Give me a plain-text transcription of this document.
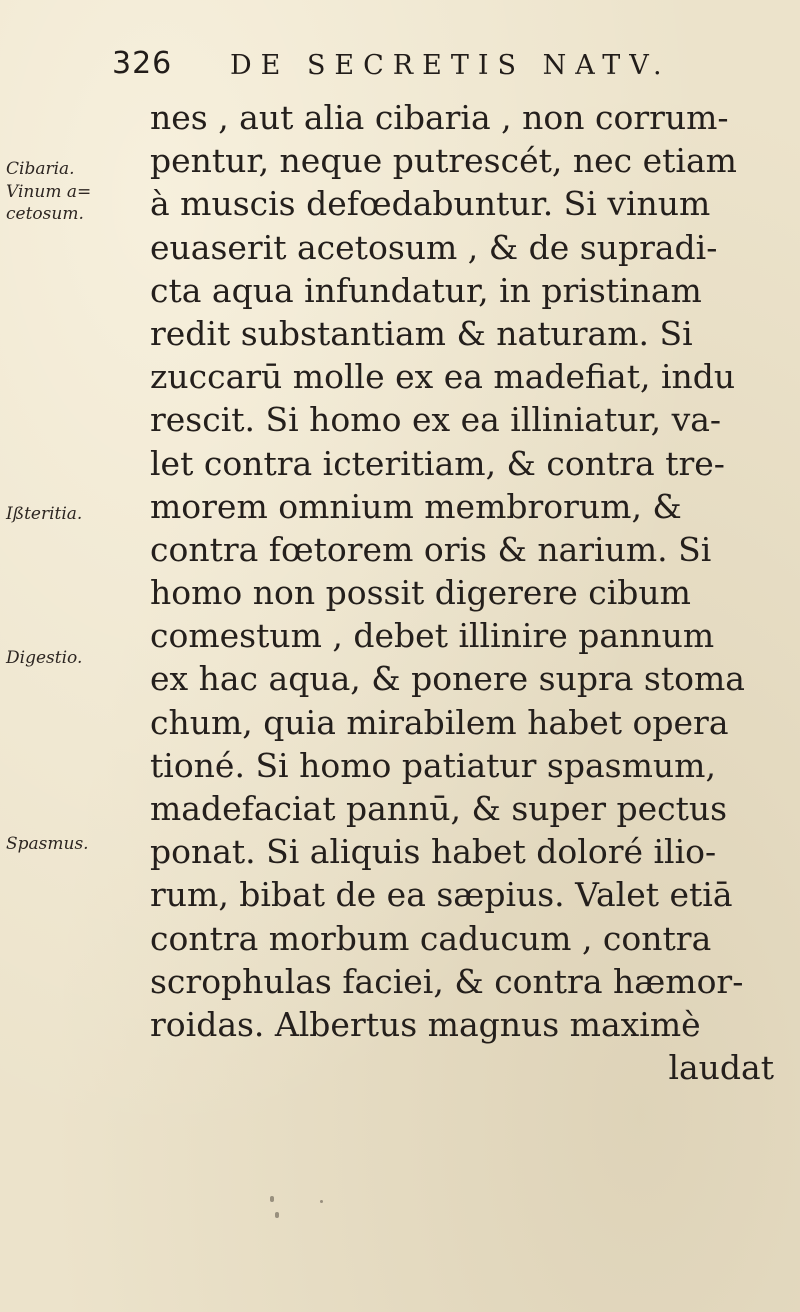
326 DE SECRETIS NATV.
Cibaria.
Vinum a=
cetosum.
Ißteritia.
Digestio.
Spasmus.
nes , aut alia cibaria , non corrum-
pentur, neque putrescét, nec etiam
à muscis defœdabuntur. Si vinum
euaserit acetosum , & de supradi-
cta aqua infundatur, in pristinam
redit substantiam & naturam. Si
zuccarū molle ex ea madefiat, indu
rescit. Si homo ex ea illiniatur, va-
let contra icteritiam, & contra tre-
morem omnium membrorum, &
contra fœtorem oris & narium. Si
homo non possit digerere cibum
comestum , debet illinire pannum
ex hac aqua, & ponere supra stoma
chum, quia mirabilem habet opera
tioné. Si homo patiatur spasmum,
madefaciat pannū, & super pectus
ponat. Si aliquis habet doloré ilio-
rum, bibat de ea sæpius. Valet etiā
contra morbum caducum , contra
scrophulas faciei, & contra hæmor-
roidas. Albertus magnus maximè
laudat
